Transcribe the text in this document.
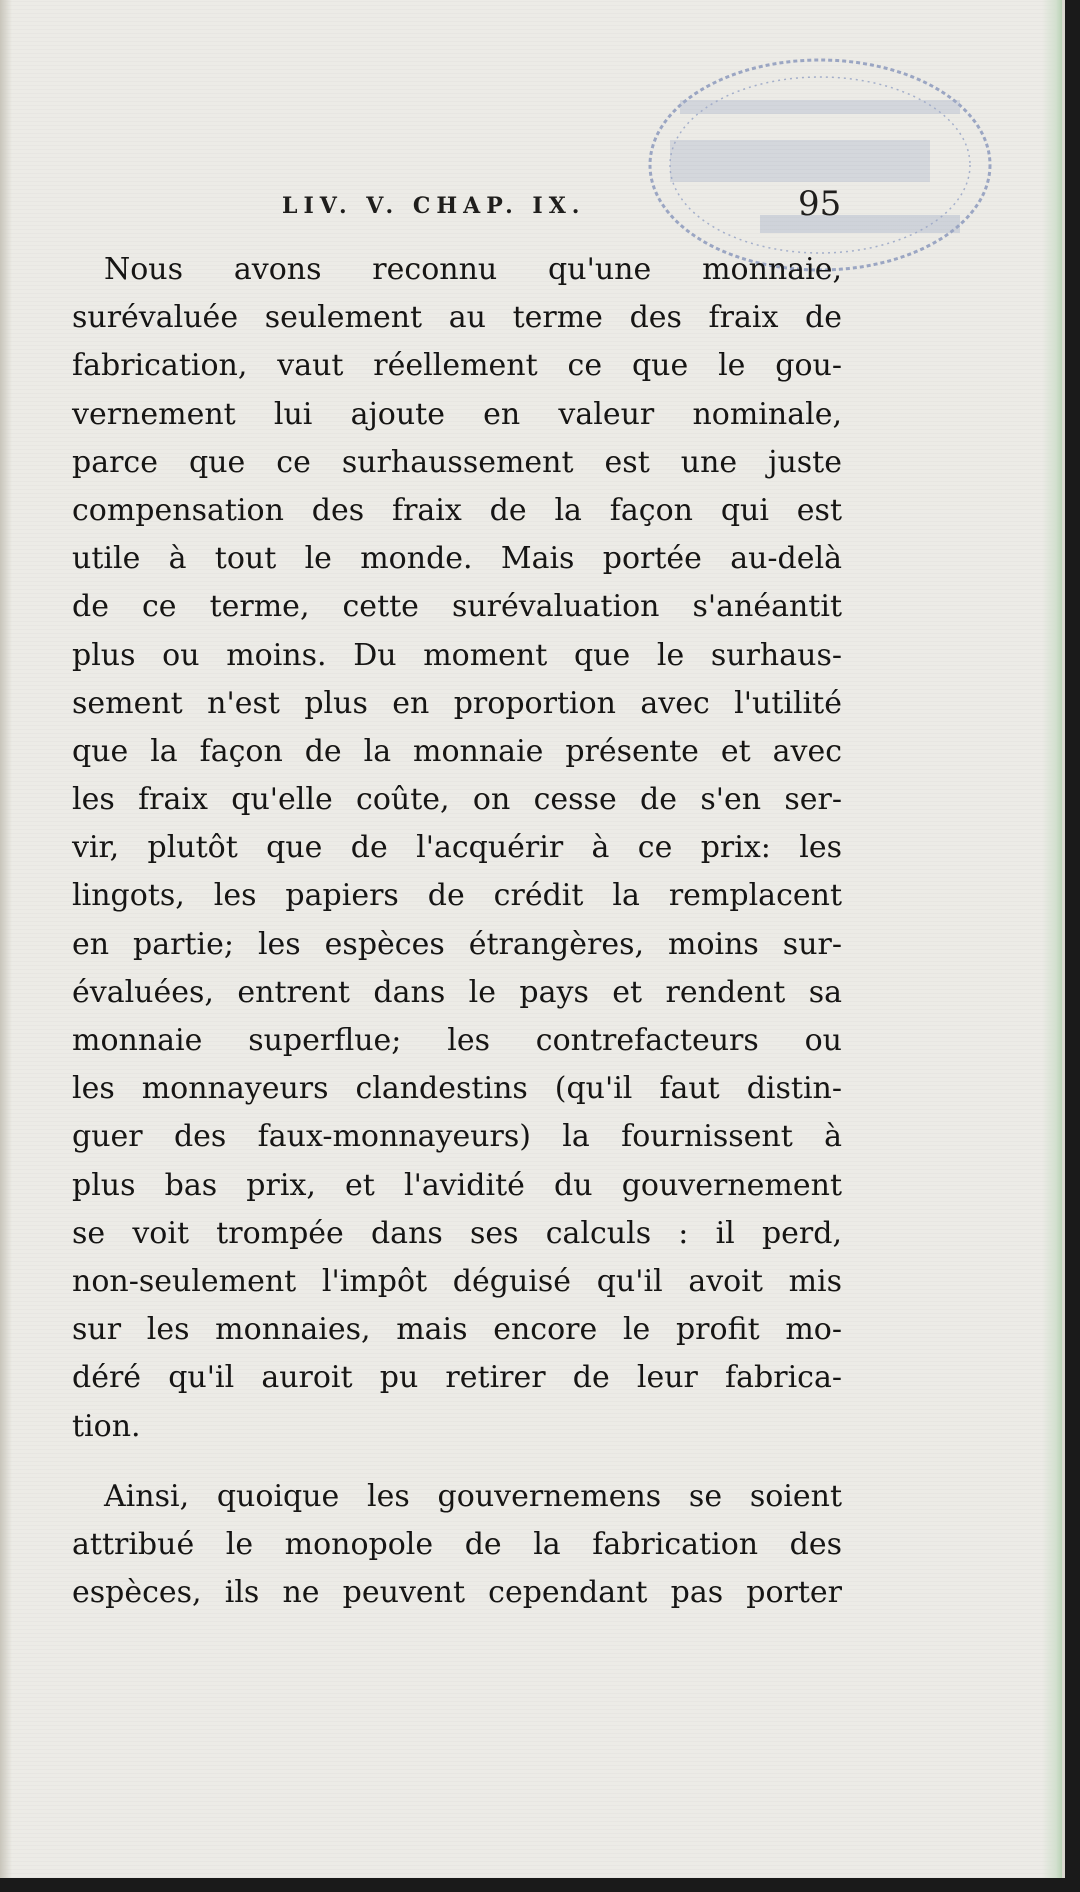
LIV. V. CHAP. IX.	95
Nous avons reconnu qu'une monnaie,
surévaluée seulement au terme des fraix de
fabrication, vaut réellement ce que le gou-
vernement lui ajoute en valeur nominale,
parce que ce surhaussement est une juste
compensation des fraix de la façon qui est
utile à tout le monde. Mais portée au-delà
de ce terme, cette surévaluation s'anéantit
plus ou moins. Du moment que le surhaus-
sement n'est plus en proportion avec l'utilité
que la façon de la monnaie présente et avec
les fraix qu'elle coûte, on cesse de s'en ser-
vir, plutôt que de l'acquérir à ce prix: les
lingots, les papiers de crédit la remplacent
en partie; les espèces étrangères, moins sur-
évaluées, entrent dans le pays et rendent sa
monnaie superflue; les contrefacteurs ou
les monnayeurs clandestins (qu'il faut distin-
guer des faux-monnayeurs) la fournissent à
plus bas prix, et l'avidité du gouvernement
se voit trompée dans ses calculs : il perd,
non-seulement l'impôt déguisé qu'il avoit mis
sur les monnaies, mais encore le profit mo-
déré qu'il auroit pu retirer de leur fabrica-
tion.
Ainsi, quoique les gouvernemens se soient
attribué le monopole de la fabrication des
espèces, ils ne peuvent cependant pas porter
